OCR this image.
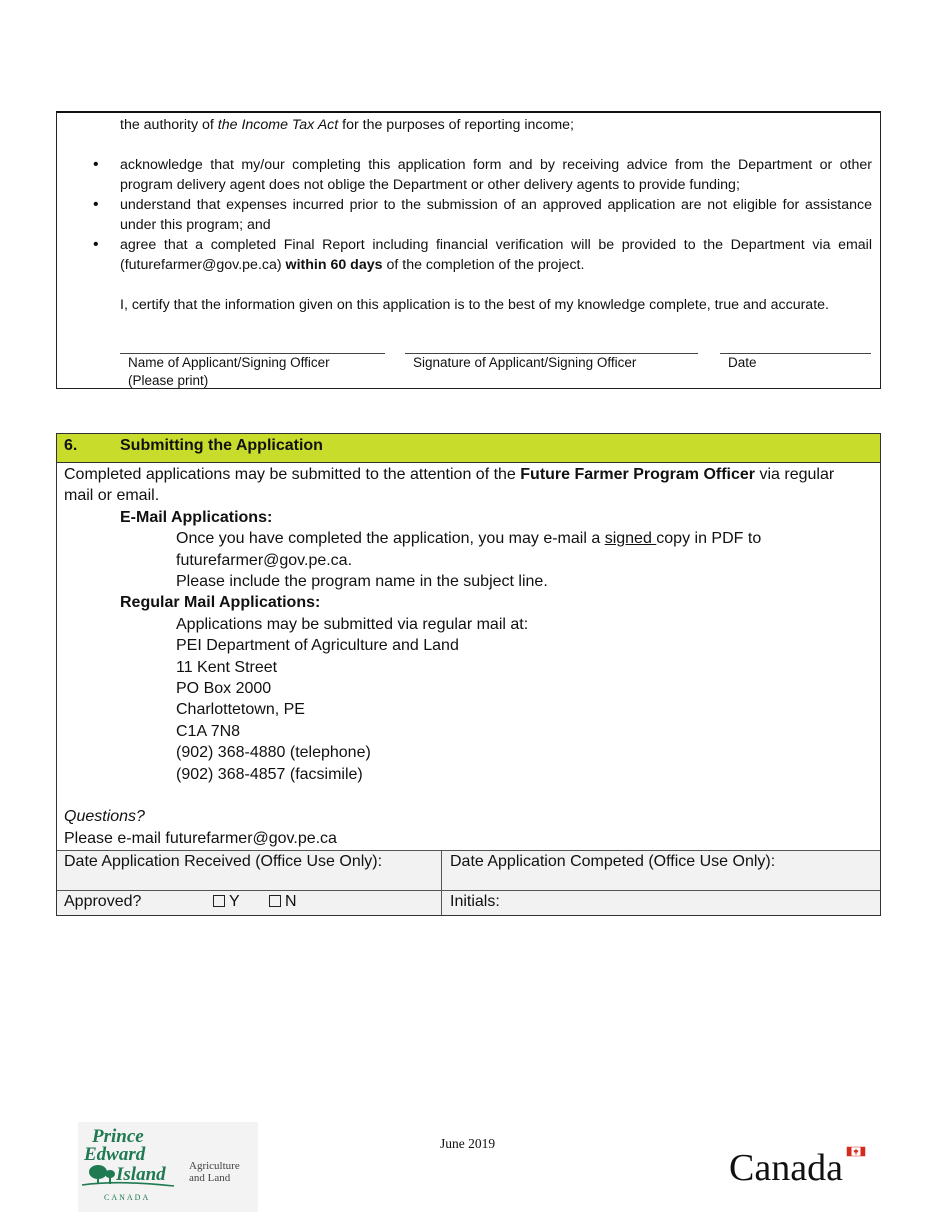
the authority of the Income Tax Act for the purposes of reporting income;

• acknowledge that my/our completing this application form and by receiving advice from the Department or other program delivery agent does not oblige the Department or other delivery agents to provide funding;
• understand that expenses incurred prior to the submission of an approved application are not eligible for assistance under this program; and
• agree that a completed Final Report including financial verification will be provided to the Department via email (futurefarmer@gov.pe.ca) within 60 days of the completion of the project.

I, certify that the information given on this application is to the best of my knowledge complete, true and accurate.

Name of Applicant/Signing Officer
(Please print)
Signature of Applicant/Signing Officer	Date
6.	Submitting the Application

Completed applications may be submitted to the attention of the Future Farmer Program Officer via regular mail or email.

E-Mail Applications:

Once you have completed the application, you may e-mail a signed copy in PDF to

futurefarmer@gov.pe.ca.

Please include the program name in the subject line.

Regular Mail Applications:

Applications may be submitted via regular mail at:

PEI Department of Agriculture and Land

11 Kent Street

PO Box 2000

Charlottetown, PE

C1A 7N8

(902) 368-4880 (telephone)

(902) 368-4857 (facsimile)

Questions?

Please e-mail futurefarmer@gov.pe.ca

Date Application Received (Office Use Only):	Date Application Competed (Office Use Only):
Approved?	Y	N	Initials:
June 2019
Prince
Edward
Island
CANADA
Agriculture
and Land	Canada
